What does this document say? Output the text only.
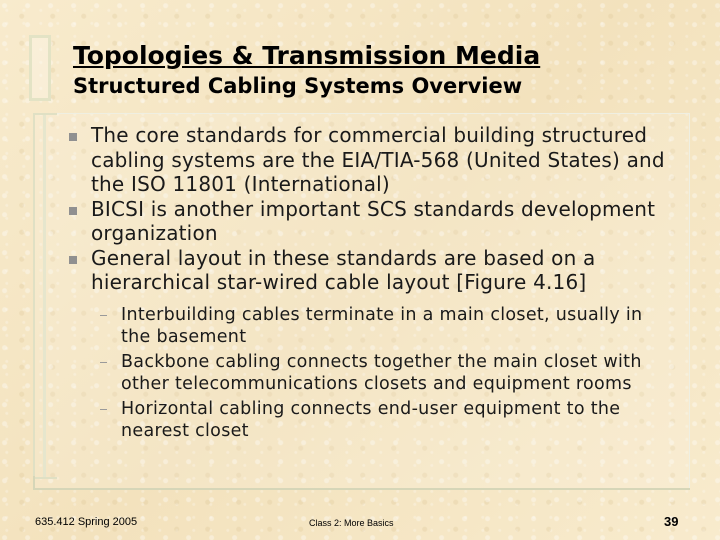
Topologies & Transmission Media
Structured Cabling Systems Overview
The core standards for commercial building structured cabling systems are the EIA/TIA-568 (United States) and the ISO 11801 (International)
BICSI is another important SCS standards development organization
General layout in these standards are based on a hierarchical star-wired cable layout [Figure 4.16]
Interbuilding cables terminate in a main closet, usually in the basement
Backbone cabling connects together the main closet with other telecommunications closets and equipment rooms
Horizontal cabling connects end-user equipment to the nearest closet
635.412 Spring 2005	Class 2: More Basics	39
